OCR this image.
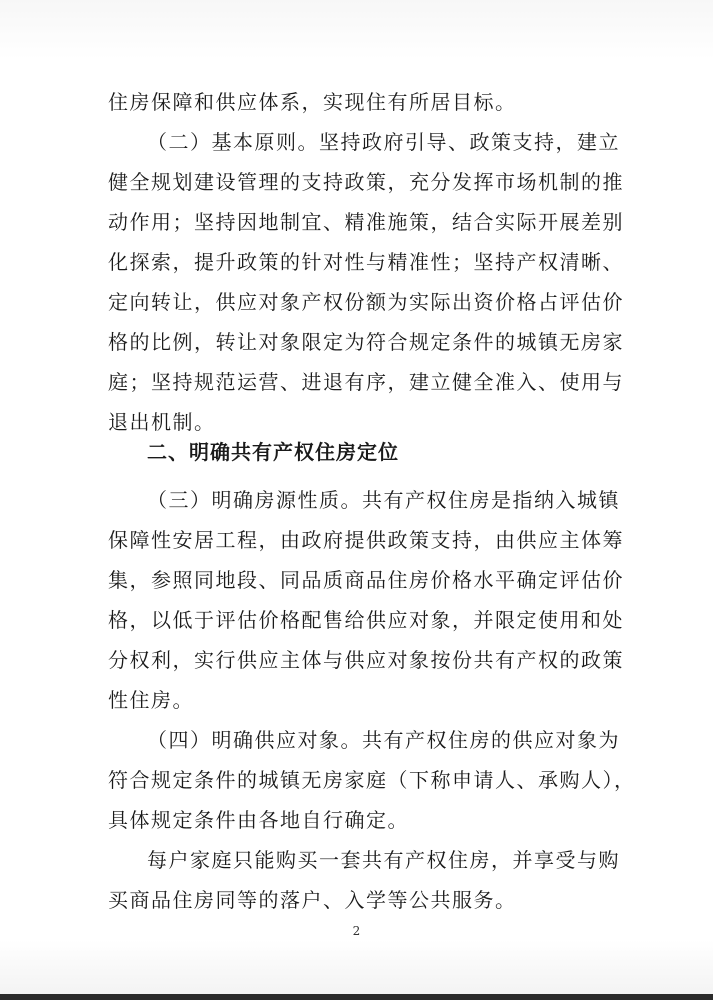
住房保障和供应体系，实现住有所居目标。
（二）基本原则。坚持政府引导、政策支持，建立
健全规划建设管理的支持政策，充分发挥市场机制的推
动作用；坚持因地制宜、精准施策，结合实际开展差别
化探索，提升政策的针对性与精准性；坚持产权清晰、
定向转让，供应对象产权份额为实际出资价格占评估价
格的比例，转让对象限定为符合规定条件的城镇无房家
庭；坚持规范运营、进退有序，建立健全准入、使用与
退出机制。
二、明确共有产权住房定位
（三）明确房源性质。共有产权住房是指纳入城镇
保障性安居工程，由政府提供政策支持，由供应主体筹
集，参照同地段、同品质商品住房价格水平确定评估价
格，以低于评估价格配售给供应对象，并限定使用和处
分权利，实行供应主体与供应对象按份共有产权的政策
性住房。
（四）明确供应对象。共有产权住房的供应对象为
符合规定条件的城镇无房家庭（下称申请人、承购人），
具体规定条件由各地自行确定。
每户家庭只能购买一套共有产权住房，并享受与购
买商品住房同等的落户、入学等公共服务。
2
